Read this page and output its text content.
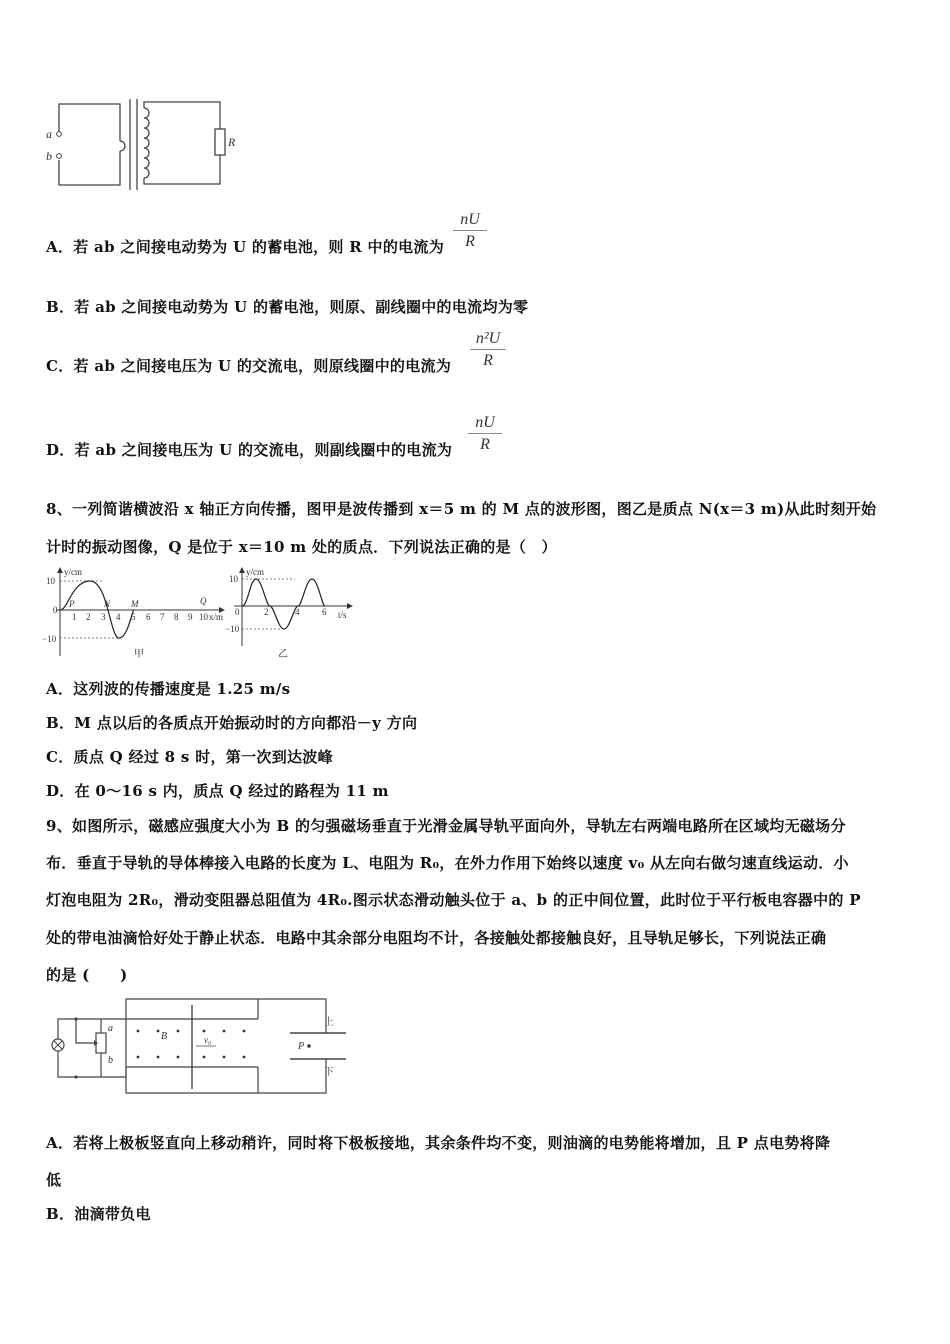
a
b
R
A．若 ab 之间接电动势为 U 的蓄电池，则 R 中的电流为 $\frac{nU}{R}$
B．若 ab 之间接电动势为 U 的蓄电池，则原、副线圈中的电流均为零
C．若 ab 之间接电压为 U 的交流电，则原线圈中的电流为 $\frac{\text{n²U}}{R}$
D．若 ab 之间接电压为 U 的交流电，则副线圈中的电流为 $\frac{nU}{R}$
8、一列简谐横波沿 x 轴正方向传播，图甲是波传播到 x＝5 m 的 M 点的波形图，图乙是质点 N(x＝3 m)从此时刻开始
计时的振动图像，Q 是位于 x＝10 m 处的质点．下列说法正确的是（　）
y/cm
10
−10
0
1 2 3 4 5 6 7 8 9 10 x/m
P	N M	Q
甲
y/cm
10
−10
0	2	4	6 t/s
乙
A．这列波的传播速度是 1.25 m/s
B．M 点以后的各质点开始振动时的方向都沿－y 方向
C．质点 Q 经过 8 s 时，第一次到达波峰
D．在 0～16 s 内，质点 Q 经过的路程为 11 m
9、如图所示，磁感应强度大小为 B 的匀强磁场垂直于光滑金属导轨平面向外，导轨左右两端电路所在区域均无磁场分
布．垂直于导轨的导体棒接入电路的长度为 L、电阻为 R₀，在外力作用下始终以速度 v₀ 从左向右做匀速直线运动．小
灯泡电阻为 2R₀，滑动变阻器总阻值为 4R₀.图示状态滑动触头位于 a、b 的正中间位置，此时位于平行板电容器中的 P
处的带电油滴恰好处于静止状态．电路中其余部分电阻均不计，各接触处都接触良好，且导轨足够长，下列说法正确
的是 (　　)
a
b
B	v₀
P
上
下
A．若将上极板竖直向上移动稍许，同时将下极板接地，其余条件均不变，则油滴的电势能将增加，且 P 点电势将降
低
B．油滴带负电
